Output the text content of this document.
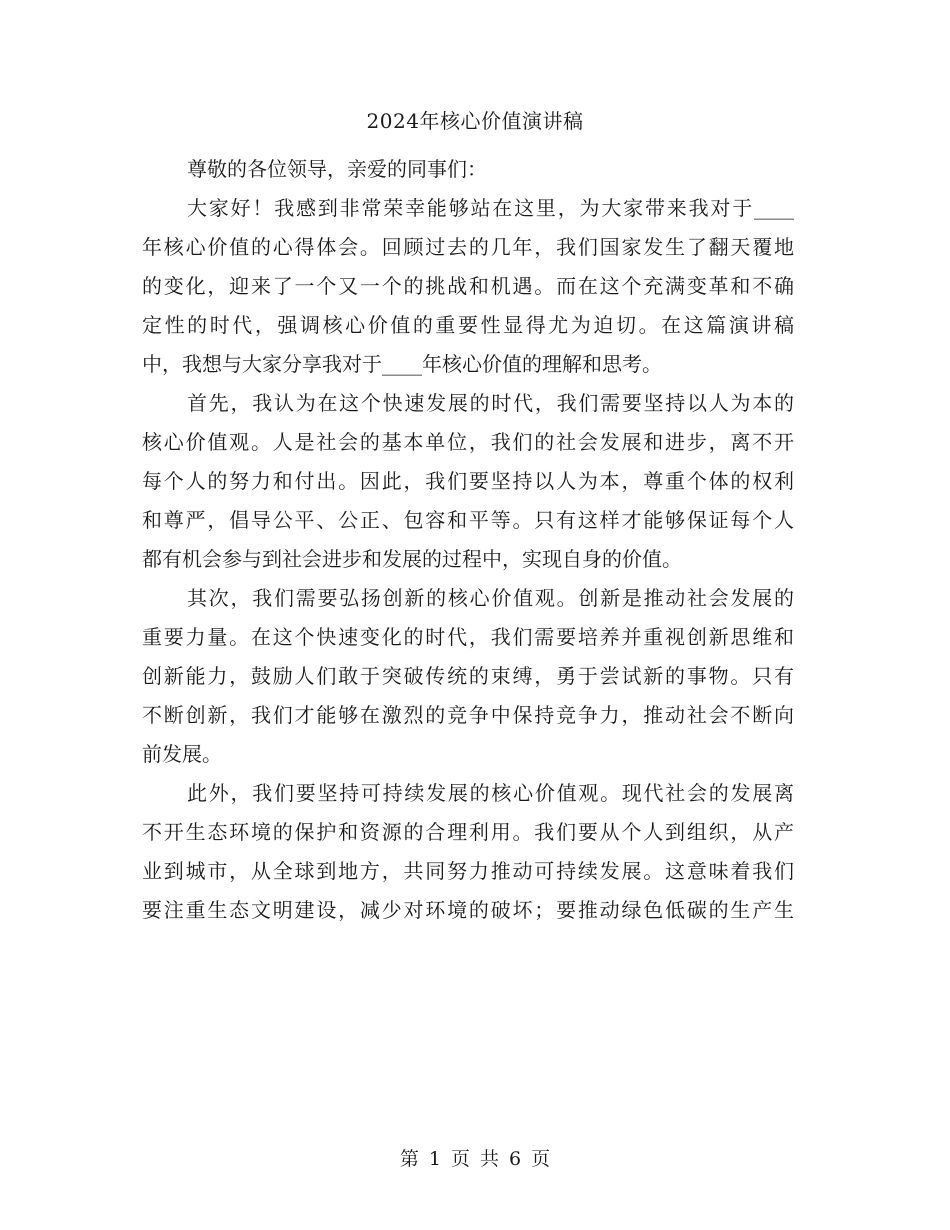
2024年核心价值演讲稿
尊敬的各位领导，亲爱的同事们：
大家好！我感到非常荣幸能够站在这里，为大家带来我对于____
年核心价值的心得体会。回顾过去的几年，我们国家发生了翻天覆地
的变化，迎来了一个又一个的挑战和机遇。而在这个充满变革和不确
定性的时代，强调核心价值的重要性显得尤为迫切。在这篇演讲稿
中，我想与大家分享我对于____年核心价值的理解和思考。
首先，我认为在这个快速发展的时代，我们需要坚持以人为本的
核心价值观。人是社会的基本单位，我们的社会发展和进步，离不开
每个人的努力和付出。因此，我们要坚持以人为本，尊重个体的权利
和尊严，倡导公平、公正、包容和平等。只有这样才能够保证每个人
都有机会参与到社会进步和发展的过程中，实现自身的价值。
其次，我们需要弘扬创新的核心价值观。创新是推动社会发展的
重要力量。在这个快速变化的时代，我们需要培养并重视创新思维和
创新能力，鼓励人们敢于突破传统的束缚，勇于尝试新的事物。只有
不断创新，我们才能够在激烈的竞争中保持竞争力，推动社会不断向
前发展。
此外，我们要坚持可持续发展的核心价值观。现代社会的发展离
不开生态环境的保护和资源的合理利用。我们要从个人到组织，从产
业到城市，从全球到地方，共同努力推动可持续发展。这意味着我们
要注重生态文明建设，减少对环境的破坏；要推动绿色低碳的生产生
第 1 页 共 6 页
